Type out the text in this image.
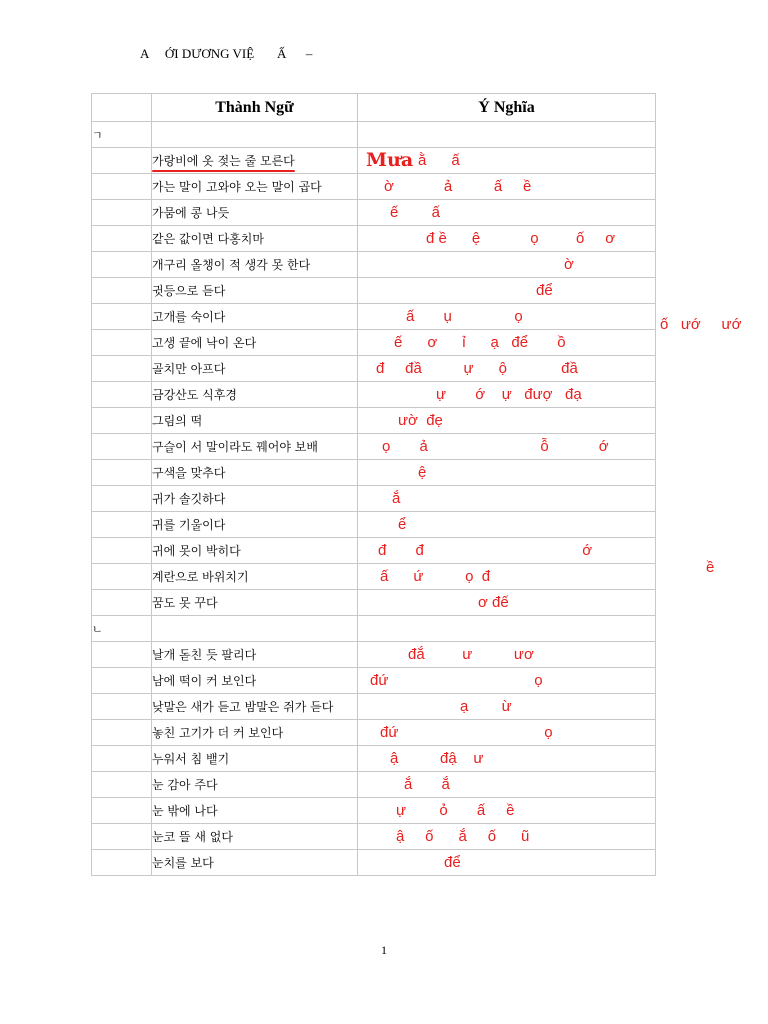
A     ỚI DƯƠNG VIỆ       Ấ      –
	Thành Ngữ	Ý Nghĩa
ㄱ		
	가랑비에 옷 젖는 줄 모른다	Mưa ằ      ấ

	가는 말이 고와야 오는 말이 곱다	ờ            ả          ấ     ề

	가뭄에 콩 나듯	ế        ấ

	같은 값이면 다홍치마	đ ề      ệ            ọ         ố     ơ

	개구리 올챙이 적 생각 못 한다	ờ

	귓등으로 듣다	để

	고개를 숙이다	ấ       ụ               ọ

	고생 끝에 낙이 온다	ế      ơ      ỉ      ạ   để       ồ

	골치만 아프다	đ     đầ          ự      ộ             đầ

	금강산도 식후경	ự       ớ    ự   đượ   đạ

	그림의 떡	ườ  đẹ

	구슬이 서 말이라도 꿰어야 보배	ọ       ả                           ỗ            ớ

	구색을 맞추다	ệ

	귀가 솔깃하다	ắ

	귀를 기울이다	ể

	귀에 못이 박히다	đ       đ                                      ớ

	계란으로 바위치기	ấ      ứ          ọ  đ

	꿈도 못 꾸다	ơ đế

ㄴ		
	날개 돋친 듯 팔리다	đắ         ư          ươ

	남에 떡이 커 보인다	đứ                                   ọ

	낮말은 새가 듣고 밤말은 쥐가 듣다	ạ        ừ

	놓친 고기가 더 커 보인다	đứ                                   ọ

	누워서 침 뱉기	ậ          đậ    ư

	눈 감아 주다	ắ       ắ

	눈 밖에 나다	ự        ỏ       ấ     ề

	눈코 뜰 새 없다	ậ     ố      ắ     ố      ũ

	눈치를 보다	để
ố   ướ     ướ
ề
1
